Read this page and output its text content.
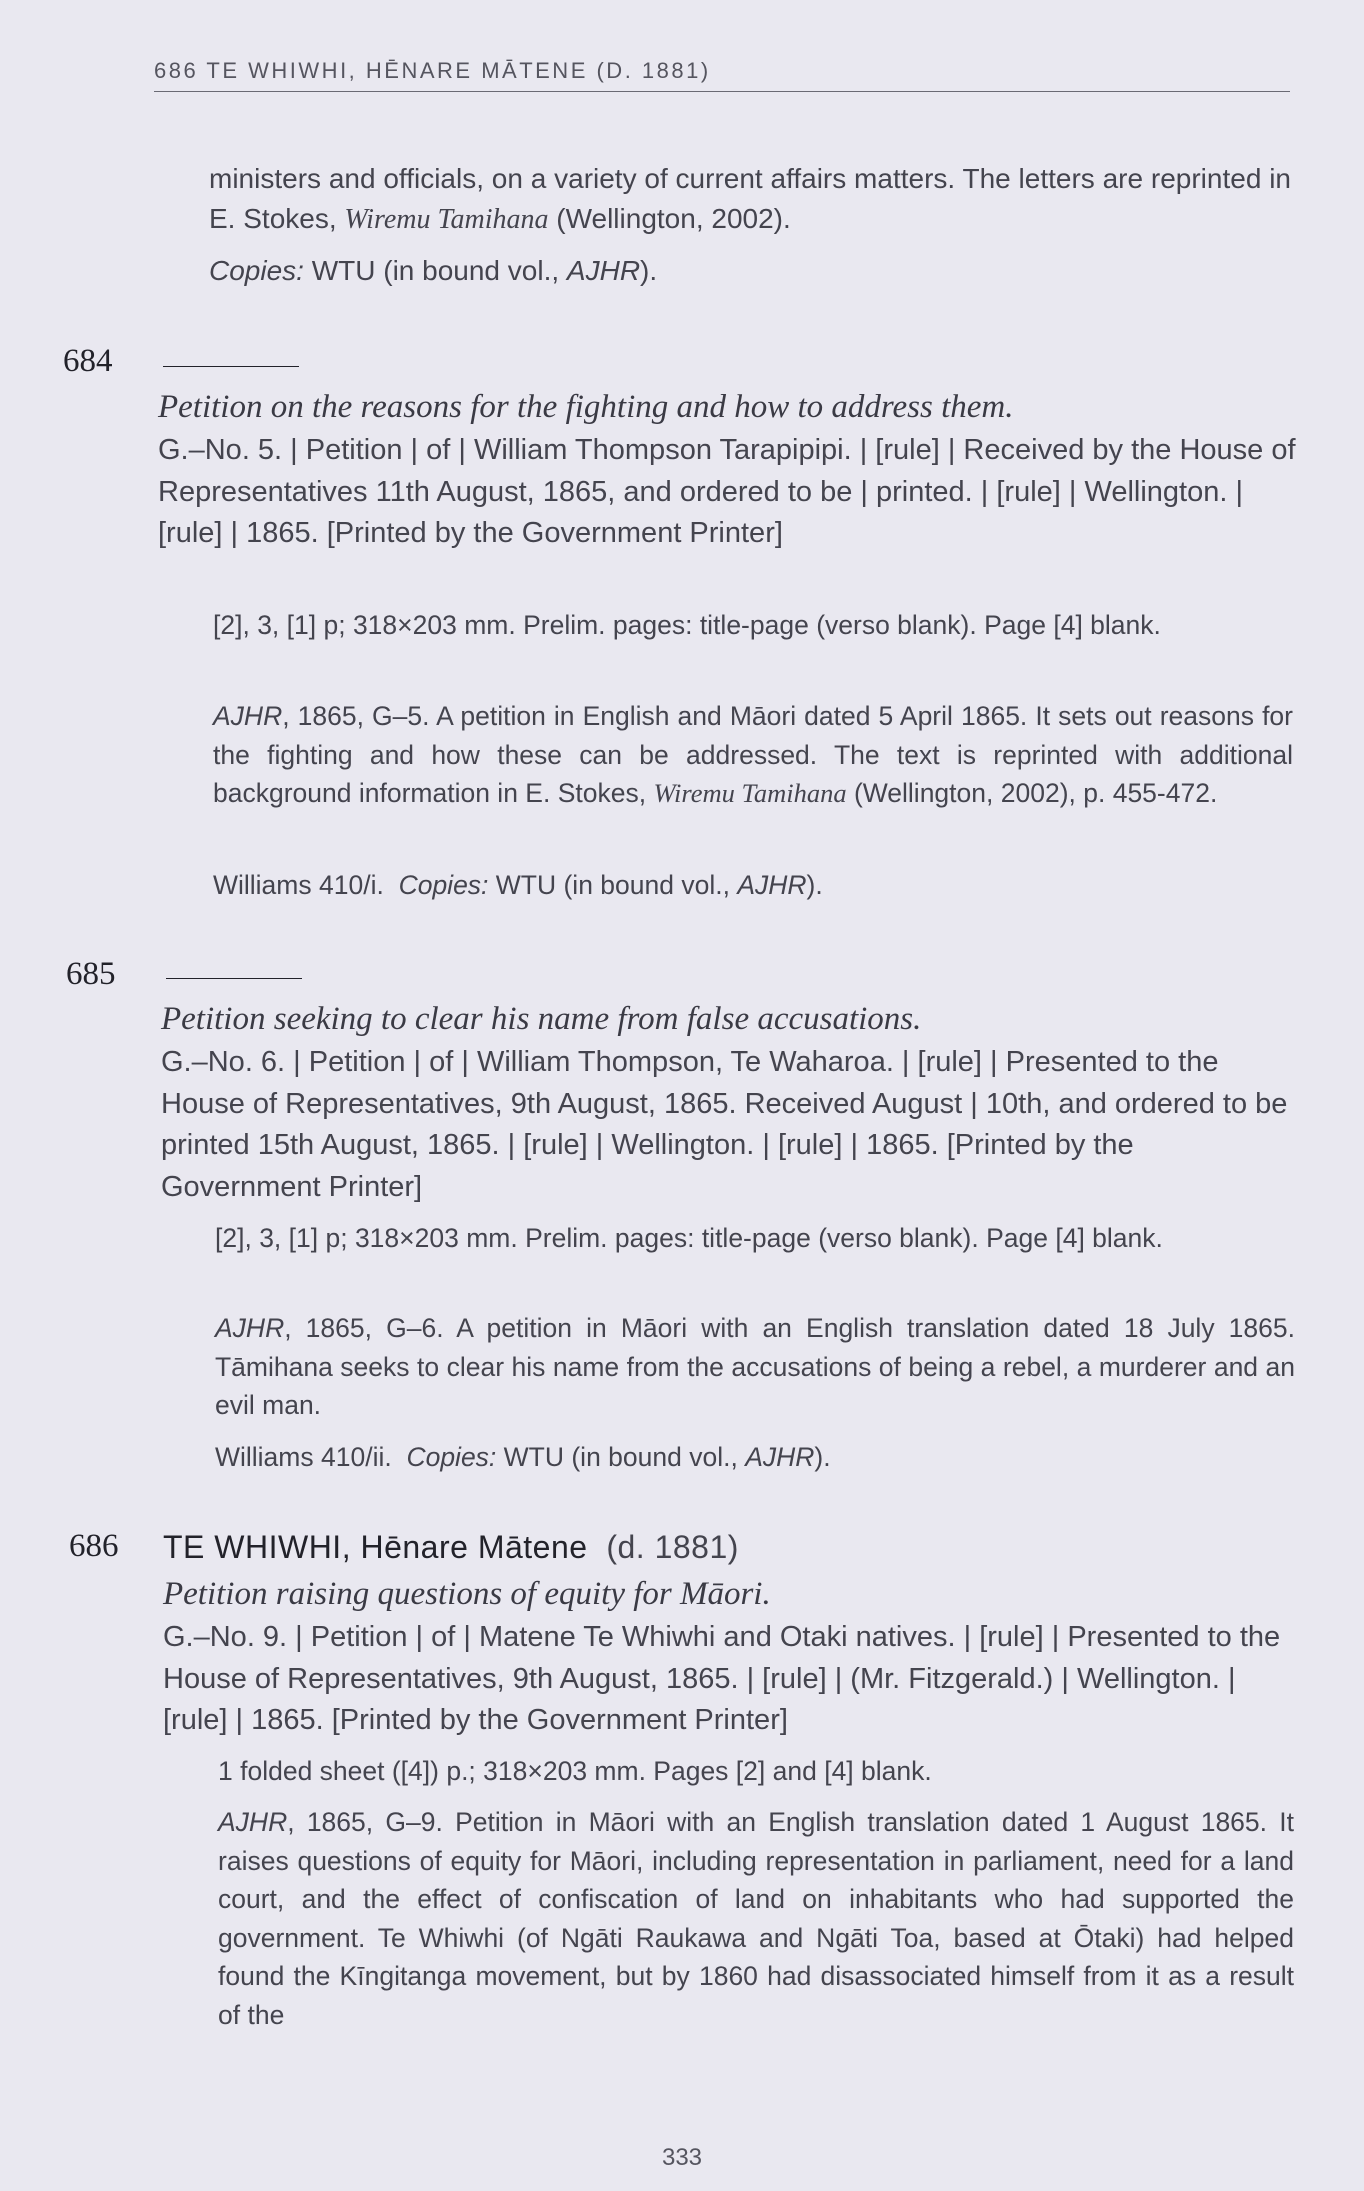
686 TE WHIWHI, HĒNARE MĀTENE (D. 1881)

ministers and officials, on a variety of current affairs matters. The letters are reprinted in E. Stokes, Wiremu Tamihana (Wellington, 2002).

Copies: WTU (in bound vol., AJHR).

684
Petition on the reasons for the fighting and how to address them.

G.–No. 5. | Petition | of | William Thompson Tarapipipi. | [rule] | Received by the House of Representatives 11th August, 1865, and ordered to be | printed. | [rule] | Wellington. | [rule] | 1865. [Printed by the Government Printer]

[2], 3, [1] p; 318×203 mm. Prelim. pages: title-page (verso blank). Page [4] blank.

AJHR, 1865, G–5. A petition in English and Māori dated 5 April 1865. It sets out reasons for the fighting and how these can be addressed. The text is reprinted with additional background information in E. Stokes, Wiremu Tamihana (Wellington, 2002), p. 455-472.

Williams 410/i. Copies: WTU (in bound vol., AJHR).

685
Petition seeking to clear his name from false accusations.

G.–No. 6. | Petition | of | William Thompson, Te Waharoa. | [rule] | Presented to the House of Representatives, 9th August, 1865. Received August | 10th, and ordered to be printed 15th August, 1865. | [rule] | Wellington. | [rule] | 1865. [Printed by the Government Printer]

[2], 3, [1] p; 318×203 mm. Prelim. pages: title-page (verso blank). Page [4] blank.

AJHR, 1865, G–6. A petition in Māori with an English translation dated 18 July 1865. Tāmihana seeks to clear his name from the accusations of being a rebel, a murderer and an evil man.

Williams 410/ii. Copies: WTU (in bound vol., AJHR).

686 TE WHIWHI, Hēnare Mātene (d. 1881)
Petition raising questions of equity for Māori.

G.–No. 9. | Petition | of | Matene Te Whiwhi and Otaki natives. | [rule] | Presented to the House of Representatives, 9th August, 1865. | [rule] | (Mr. Fitzgerald.) | Wellington. | [rule] | 1865. [Printed by the Government Printer]

1 folded sheet ([4]) p.; 318×203 mm. Pages [2] and [4] blank.

AJHR, 1865, G–9. Petition in Māori with an English translation dated 1 August 1865. It raises questions of equity for Māori, including representation in parliament, need for a land court, and the effect of confiscation of land on inhabitants who had supported the government. Te Whiwhi (of Ngāti Raukawa and Ngāti Toa, based at Ōtaki) had helped found the Kīngitanga movement, but by 1860 had disassociated himself from it as a result of the

333
